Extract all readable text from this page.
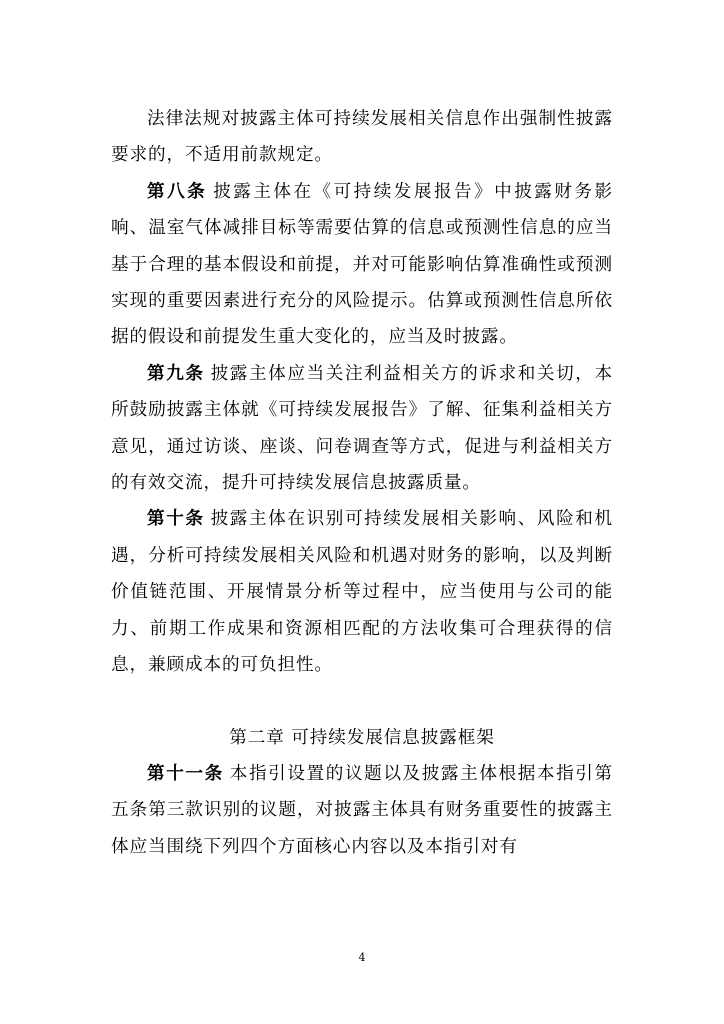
法律法规对披露主体可持续发展相关信息作出强制性披露要求的，不适用前款规定。

第八条 披露主体在《可持续发展报告》中披露财务影响、温室气体减排目标等需要估算的信息或预测性信息的应当基于合理的基本假设和前提，并对可能影响估算准确性或预测实现的重要因素进行充分的风险提示。估算或预测性信息所依据的假设和前提发生重大变化的，应当及时披露。

第九条 披露主体应当关注利益相关方的诉求和关切，本所鼓励披露主体就《可持续发展报告》了解、征集利益相关方意见，通过访谈、座谈、问卷调查等方式，促进与利益相关方的有效交流，提升可持续发展信息披露质量。

第十条 披露主体在识别可持续发展相关影响、风险和机遇，分析可持续发展相关风险和机遇对财务的影响，以及判断价值链范围、开展情景分析等过程中，应当使用与公司的能力、前期工作成果和资源相匹配的方法收集可合理获得的信息，兼顾成本的可负担性。

第二章 可持续发展信息披露框架

第十一条 本指引设置的议题以及披露主体根据本指引第五条第三款识别的议题，对披露主体具有财务重要性的披露主体应当围绕下列四个方面核心内容以及本指引对有

4
